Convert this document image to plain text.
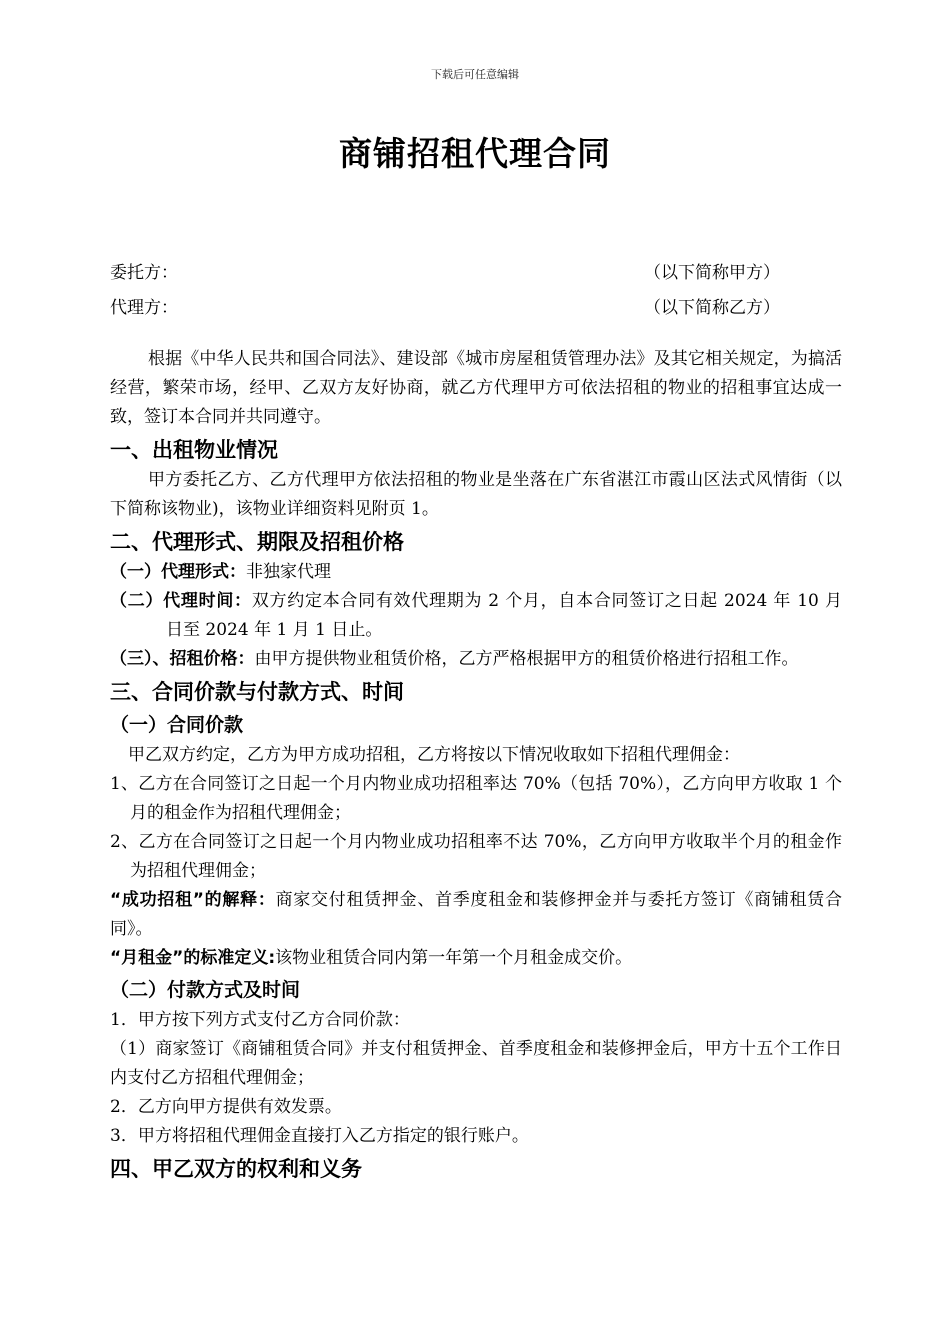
下载后可任意编辑
商铺招租代理合同
委托方：	（以下简称甲方）
代理方：	（以下简称乙方）

根据《中华人民共和国合同法》、建设部《城市房屋租赁管理办法》及其它相关规定，为搞活经营，繁荣市场，经甲、乙双方友好协商，就乙方代理甲方可依法招租的物业的招租事宜达成一致，签订本合同并共同遵守。

一、出租物业情况

甲方委托乙方、乙方代理甲方依法招租的物业是坐落在广东省湛江市霞山区法式风情街（以下简称该物业)，该物业详细资料见附页 1。

二、代理形式、期限及招租价格

（一）代理形式：非独家代理

（二）代理时间：双方约定本合同有效代理期为 2 个月，自本合同签订之日起 2024 年 10 月　日至 2024 年 1 月 1 日止。

（三）、招租价格：由甲方提供物业租赁价格，乙方严格根据甲方的租赁价格进行招租工作。

三、合同价款与付款方式、时间
（一）合同价款

甲乙双方约定，乙方为甲方成功招租，乙方将按以下情况收取如下招租代理佣金：

1、乙方在合同签订之日起一个月内物业成功招租率达 70%（包括 70%），乙方向甲方收取 1 个月的租金作为招租代理佣金；

2、乙方在合同签订之日起一个月内物业成功招租率不达 70%，乙方向甲方收取半个月的租金作为招租代理佣金；

“成功招租”的解释：商家交付租赁押金、首季度租金和装修押金并与委托方签订《商铺租赁合同》。

“月租金”的标准定义:该物业租赁合同内第一年第一个月租金成交价。

（二）付款方式及时间

1．甲方按下列方式支付乙方合同价款：

（1）商家签订《商铺租赁合同》并支付租赁押金、首季度租金和装修押金后，甲方十五个工作日内支付乙方招租代理佣金；

2．乙方向甲方提供有效发票。

3．甲方将招租代理佣金直接打入乙方指定的银行账户。

四、甲乙双方的权利和义务
